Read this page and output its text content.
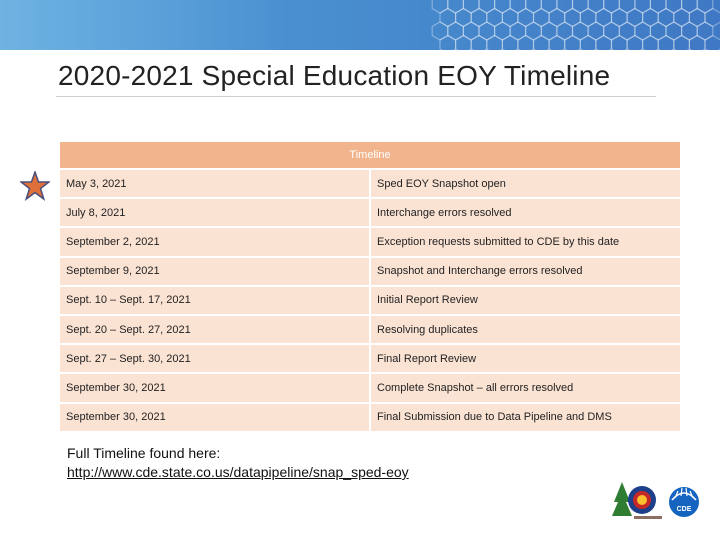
2020-2021 Special Education EOY Timeline
Timeline	
May 3, 2021	Sped EOY Snapshot open
July 8, 2021	Interchange errors resolved
September 2, 2021	Exception requests submitted to CDE by this date
September 9, 2021	Snapshot and Interchange errors resolved
Sept. 10 – Sept. 17, 2021	Initial Report Review
Sept. 20 – Sept. 27, 2021	Resolving duplicates
Sept. 27 – Sept. 30, 2021	Final Report Review
September 30, 2021	Complete Snapshot – all errors resolved
September 30, 2021	Final Submission due to Data Pipeline and DMS
Full Timeline found here:
http://www.cde.state.co.us/datapipeline/snap_sped-eoy
CDE
